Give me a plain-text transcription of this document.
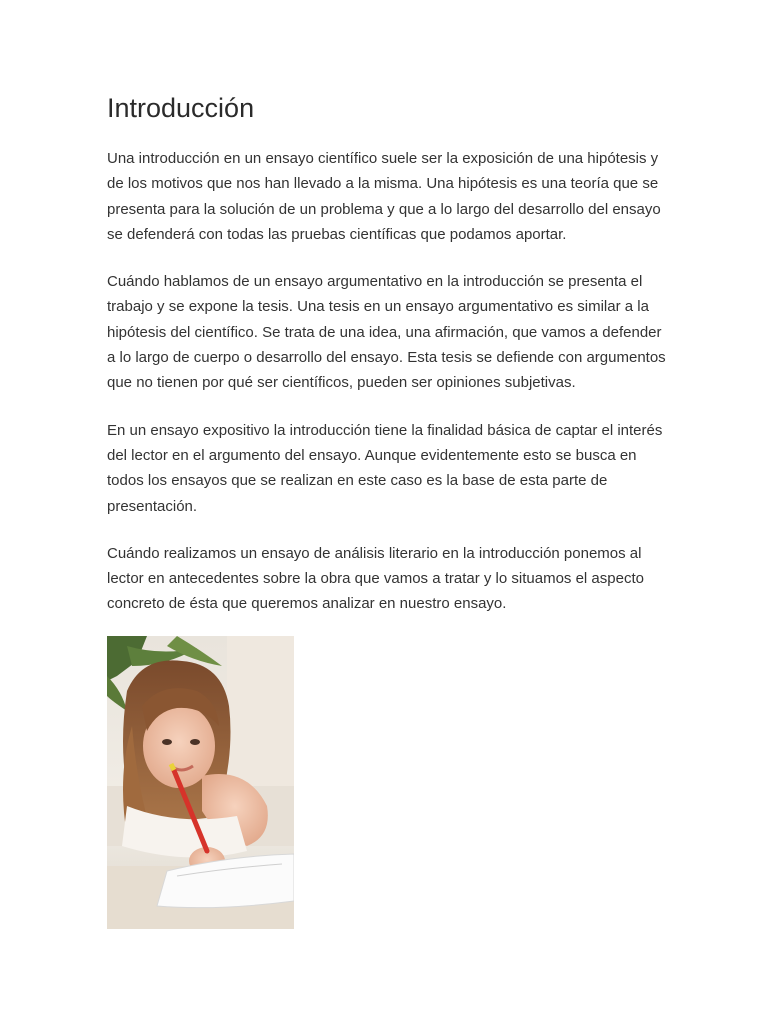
Introducción

Una introducción en un ensayo científico suele ser la exposición de una hipótesis y de los motivos que nos han llevado a la misma. Una hipótesis es una teoría que se presenta para la solución de un problema y que a lo largo del desarrollo del ensayo se defenderá con todas las pruebas científicas que podamos aportar.

Cuándo hablamos de un ensayo argumentativo en la introducción se presenta el trabajo y se expone la tesis. Una tesis en un ensayo argumentativo es similar a la hipótesis del científico. Se trata de una idea, una afirmación, que vamos a defender a lo largo de cuerpo o desarrollo del ensayo. Esta tesis se defiende con argumentos que no tienen por qué ser científicos, pueden ser opiniones subjetivas.

En un ensayo expositivo la introducción tiene la finalidad básica de captar el interés del lector en el argumento del ensayo. Aunque evidentemente esto se busca en todos los ensayos que se realizan en este caso es la base de esta parte de presentación.

Cuándo realizamos un ensayo de análisis literario en la introducción ponemos al lector en antecedentes sobre la obra que vamos a tratar y lo situamos el aspecto concreto de ésta que queremos analizar en nuestro ensayo.
